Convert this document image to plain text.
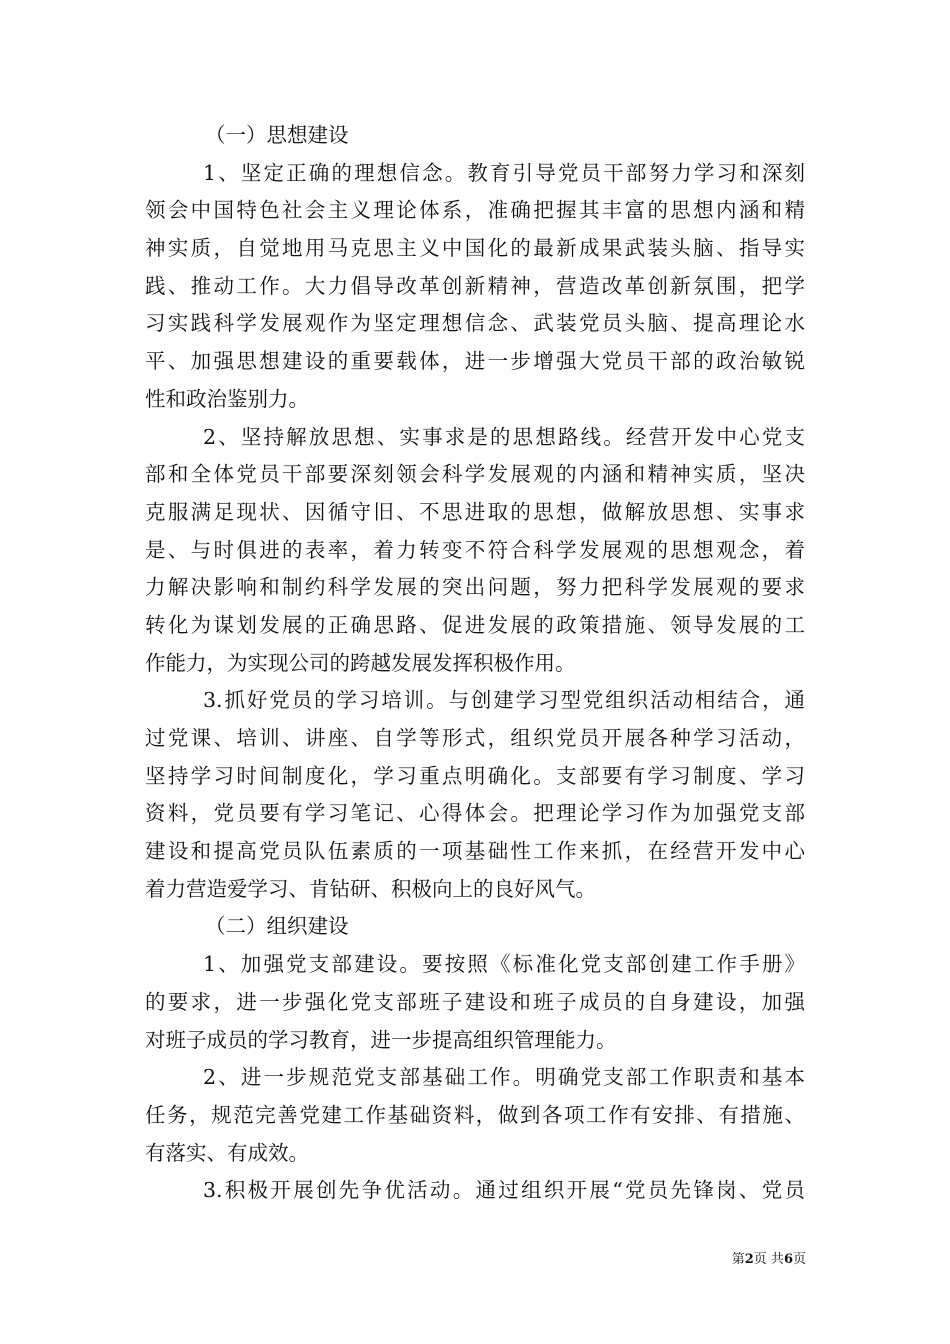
（一）思想建设
1、坚定正确的理想信念。教育引导党员干部努力学习和深刻
领会中国特色社会主义理论体系，准确把握其丰富的思想内涵和精
神实质，自觉地用马克思主义中国化的最新成果武装头脑、指导实
践、推动工作。大力倡导改革创新精神，营造改革创新氛围，把学
习实践科学发展观作为坚定理想信念、武装党员头脑、提高理论水
平、加强思想建设的重要载体，进一步增强大党员干部的政治敏锐
性和政治鉴别力。
2、坚持解放思想、实事求是的思想路线。经营开发中心党支
部和全体党员干部要深刻领会科学发展观的内涵和精神实质，坚决
克服满足现状、因循守旧、不思进取的思想，做解放思想、实事求
是、与时俱进的表率，着力转变不符合科学发展观的思想观念，着
力解决影响和制约科学发展的突出问题，努力把科学发展观的要求
转化为谋划发展的正确思路、促进发展的政策措施、领导发展的工
作能力，为实现公司的跨越发展发挥积极作用。
3.抓好党员的学习培训。与创建学习型党组织活动相结合，通
过党课、培训、讲座、自学等形式，组织党员开展各种学习活动，
坚持学习时间制度化，学习重点明确化。支部要有学习制度、学习
资料，党员要有学习笔记、心得体会。把理论学习作为加强党支部
建设和提高党员队伍素质的一项基础性工作来抓，在经营开发中心
着力营造爱学习、肯钻研、积极向上的良好风气。
（二）组织建设
1、加强党支部建设。要按照《标准化党支部创建工作手册》
的要求，进一步强化党支部班子建设和班子成员的自身建设，加强
对班子成员的学习教育，进一步提高组织管理能力。
2、进一步规范党支部基础工作。明确党支部工作职责和基本
任务，规范完善党建工作基础资料，做到各项工作有安排、有措施、
有落实、有成效。
3.积极开展创先争优活动。通过组织开展“党员先锋岗、党员
第2页 共6页
